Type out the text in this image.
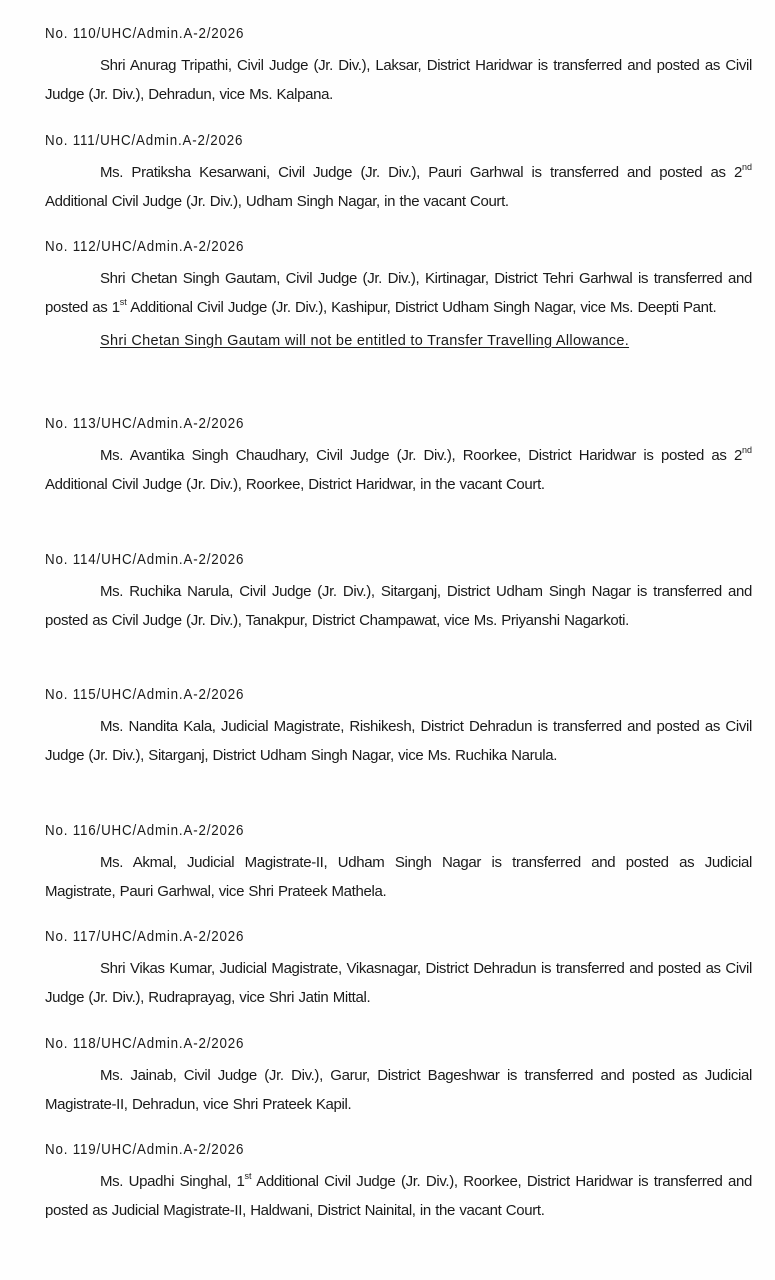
No. 110/UHC/Admin.A-2/2026

Shri Anurag Tripathi, Civil Judge (Jr. Div.), Laksar, District Haridwar is transferred and posted as Civil Judge (Jr. Div.), Dehradun, vice Ms. Kalpana.

No. 111/UHC/Admin.A-2/2026

Ms. Pratiksha Kesarwani, Civil Judge (Jr. Div.), Pauri Garhwal is transferred and posted as 2nd Additional Civil Judge (Jr. Div.), Udham Singh Nagar, in the vacant Court.

No. 112/UHC/Admin.A-2/2026

Shri Chetan Singh Gautam, Civil Judge (Jr. Div.), Kirtinagar, District Tehri Garhwal is transferred and posted as 1st Additional Civil Judge (Jr. Div.), Kashipur, District Udham Singh Nagar, vice Ms. Deepti Pant.

Shri Chetan Singh Gautam will not be entitled to Transfer Travelling Allowance.
No. 113/UHC/Admin.A-2/2026

Ms. Avantika Singh Chaudhary, Civil Judge (Jr. Div.), Roorkee, District Haridwar is posted as 2nd Additional Civil Judge (Jr. Div.), Roorkee, District Haridwar, in the vacant Court.

No. 114/UHC/Admin.A-2/2026

Ms. Ruchika Narula, Civil Judge (Jr. Div.), Sitarganj, District Udham Singh Nagar is transferred and posted as Civil Judge (Jr. Div.), Tanakpur, District Champawat, vice Ms. Priyanshi Nagarkoti.

No. 115/UHC/Admin.A-2/2026

Ms. Nandita Kala, Judicial Magistrate, Rishikesh, District Dehradun is transferred and posted as Civil Judge (Jr. Div.), Sitarganj, District Udham Singh Nagar, vice Ms. Ruchika Narula.

No. 116/UHC/Admin.A-2/2026

Ms. Akmal, Judicial Magistrate-II, Udham Singh Nagar is transferred and posted as Judicial Magistrate, Pauri Garhwal, vice Shri Prateek Mathela.

No. 117/UHC/Admin.A-2/2026

Shri Vikas Kumar, Judicial Magistrate, Vikasnagar, District Dehradun is transferred and posted as Civil Judge (Jr. Div.), Rudraprayag, vice Shri Jatin Mittal.

No. 118/UHC/Admin.A-2/2026

Ms. Jainab, Civil Judge (Jr. Div.), Garur, District Bageshwar is transferred and posted as Judicial Magistrate-II, Dehradun, vice Shri Prateek Kapil.

No. 119/UHC/Admin.A-2/2026

Ms. Upadhi Singhal, 1st Additional Civil Judge (Jr. Div.), Roorkee, District Haridwar is transferred and posted as Judicial Magistrate-II, Haldwani, District Nainital, in the vacant Court.
